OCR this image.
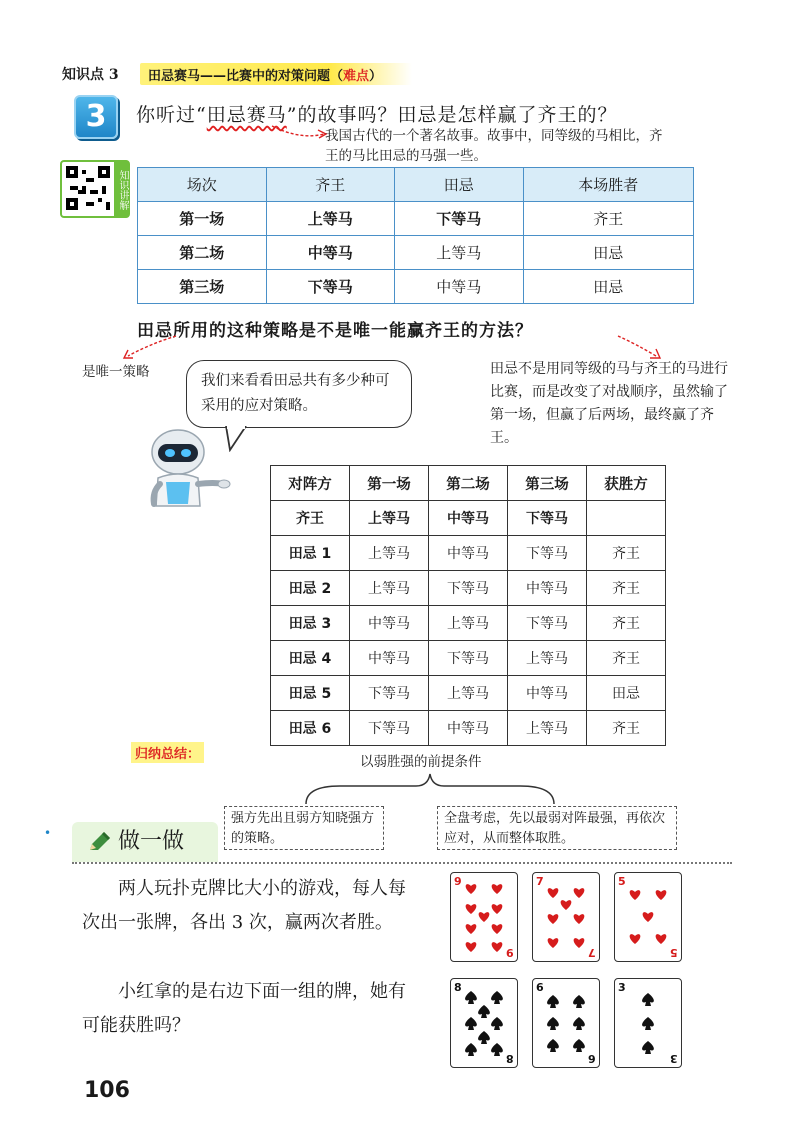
知识点 3	田忌赛马——比赛中的对策问题（难点）
3	你听过“田忌赛马”的故事吗？田忌是怎样赢了齐王的？
我国古代的一个著名故事。故事中，同等级的马相比，齐王的马比田忌的马强一些。
知识讲解	场次	齐王	田忌	本场胜者
第一场	上等马	下等马	齐王
第二场	中等马	上等马	田忌
第三场	下等马	中等马	田忌
田忌所用的这种策略是不是唯一能赢齐王的方法？
是唯一策略	田忌不是用同等级的马与齐王的马进行比赛，而是改变了对战顺序，虽然输了第一场，但赢了后两场，最终赢了齐王。
我们来看看田忌共有多少种可采用的应对策略。
对阵方	第一场	第二场	第三场	获胜方
齐王	上等马	中等马	下等马	
田忌 1	上等马	中等马	下等马	齐王
田忌 2	上等马	下等马	中等马	齐王
田忌 3	中等马	上等马	下等马	齐王
田忌 4	中等马	下等马	上等马	齐王
田忌 5	下等马	上等马	中等马	田忌
田忌 6	下等马	中等马	上等马	齐王
归纳总结：	以弱胜强的前提条件
强方先出且弱方知晓强方的策略。
全盘考虑，先以最弱对阵最强，再依次应对，从而整体取胜。
•	做一做
两人玩扑克牌比大小的游戏，每人每次出一张牌，各出 3 次，赢两次者胜。
小红拿的是右边下面一组的牌，她有可能获胜吗？
9
9
7
7
5
5
8
8
6
6
3
3
106
